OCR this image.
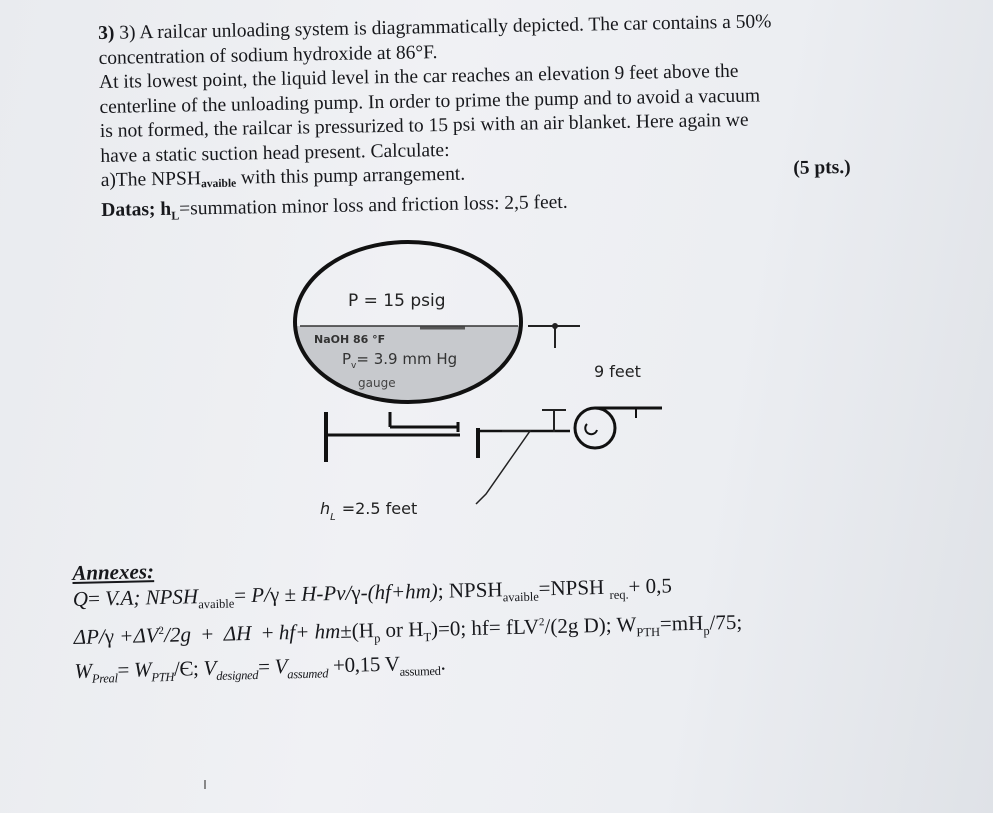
3) 3) A railcar unloading system is diagrammatically depicted. The car contains a 50%
concentration of sodium hydroxide at 86°F.
At its lowest point, the liquid level in the car reaches an elevation 9 feet above the
centerline of the unloading pump. In order to prime the pump and to avoid a vacuum
is not formed, the railcar is pressurized to 15 psi with an air blanket. Here again we
have a static suction head present. Calculate:
a)The $NPSH_{avaible}$ with this pump arrangement.	(5 pts.)
Datas; $h_L=summation$ minor loss and friction loss: 2,5 feet.
P = 15 psig
NaOH 86 °F
$P_v= 3.9$ mm Hg
gauge
9 feet
$h_L =2.5$ feet
Annexes:
Q= V.A; $NPSH_{avaible}= P/\gamma \pm H-Pv/\gamma-(hf+hm)$; $NPSH_{avaible}=NPSH$ $_{req.}$+ 0,5
$\Delta P/\gamma +\Delta V^2/2g + \Delta H + hf+ hm\pm(H_p$ or $H_T)=0$; hf= fLV$^2$/(2g D); $W_{PTH}=mH_p/75$;
$W_{Preal}= W_{PTH}/Є$; $V_{designed}= V_{assumed} +0,15$ $V_{assumed}$.
